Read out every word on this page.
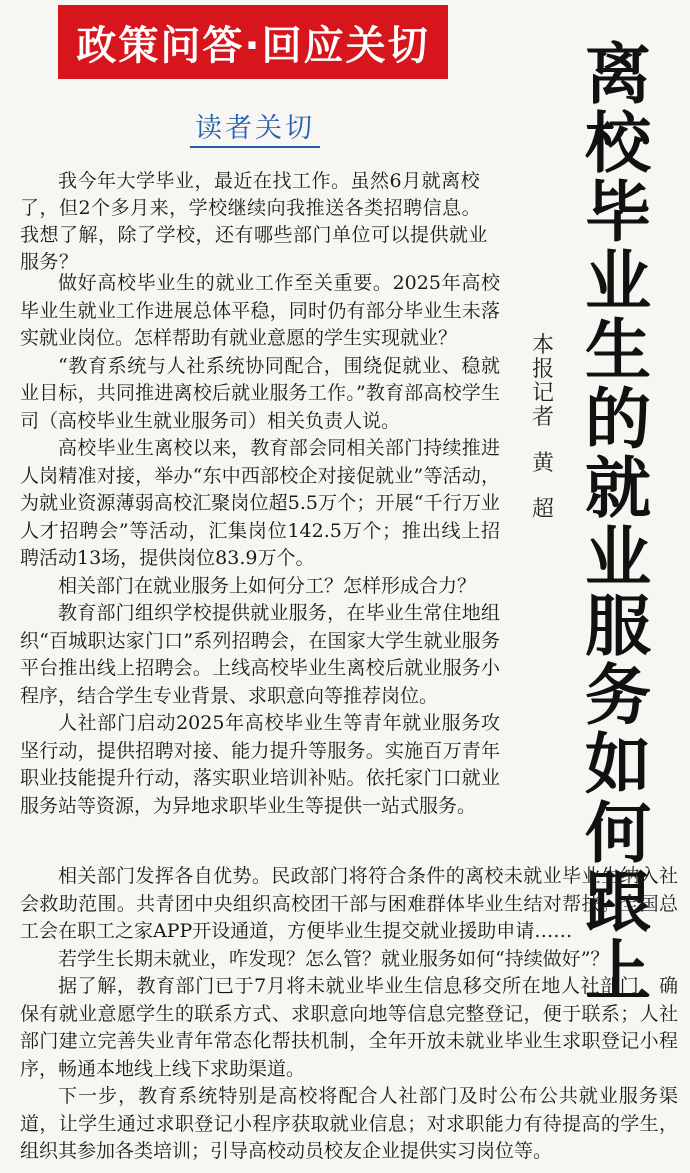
政策问答·回应关切
读者关切
离
校
毕
业
生
的
就
业
服
务
如
何
跟
上
本
报
记
者
黄
超

我今年大学毕业，最近在找工作。虽然6月就离校了，但2个多月来，学校继续向我推送各类招聘信息。我想了解，除了学校，还有哪些部门单位可以提供就业服务？

做好高校毕业生的就业工作至关重要。2025年高校毕业生就业工作进展总体平稳，同时仍有部分毕业生未落实就业岗位。怎样帮助有就业意愿的学生实现就业？

“教育系统与人社系统协同配合，围绕促就业、稳就业目标，共同推进离校后就业服务工作。”教育部高校学生司（高校毕业生就业服务司）相关负责人说。

高校毕业生离校以来，教育部会同相关部门持续推进人岗精准对接，举办“东中西部校企对接促就业”等活动，为就业资源薄弱高校汇聚岗位超5.5万个；开展“千行万业人才招聘会”等活动，汇集岗位142.5万个；推出线上招聘活动13场，提供岗位83.9万个。

相关部门在就业服务上如何分工？怎样形成合力？

教育部门组织学校提供就业服务，在毕业生常住地组织“百城职达家门口”系列招聘会，在国家大学生就业服务平台推出线上招聘会。上线高校毕业生离校后就业服务小程序，结合学生专业背景、求职意向等推荐岗位。

人社部门启动2025年高校毕业生等青年就业服务攻坚行动，提供招聘对接、能力提升等服务。实施百万青年职业技能提升行动，落实职业培训补贴。依托家门口就业服务站等资源，为异地求职毕业生等提供一站式服务。

相关部门发挥各自优势。民政部门将符合条件的离校未就业毕业生纳入社会救助范围。共青团中央组织高校团干部与困难群体毕业生结对帮扶。全国总工会在职工之家APP开设通道，方便毕业生提交就业援助申请……

若学生长期未就业，咋发现？怎么管？就业服务如何“持续做好”？

据了解，教育部门已于7月将未就业毕业生信息移交所在地人社部门，确保有就业意愿学生的联系方式、求职意向地等信息完整登记，便于联系；人社部门建立完善失业青年常态化帮扶机制，全年开放未就业毕业生求职登记小程序，畅通本地线上线下求助渠道。

下一步，教育系统特别是高校将配合人社部门及时公布公共就业服务渠道，让学生通过求职登记小程序获取就业信息；对求职能力有待提高的学生，组织其参加各类培训；引导高校动员校友企业提供实习岗位等。
